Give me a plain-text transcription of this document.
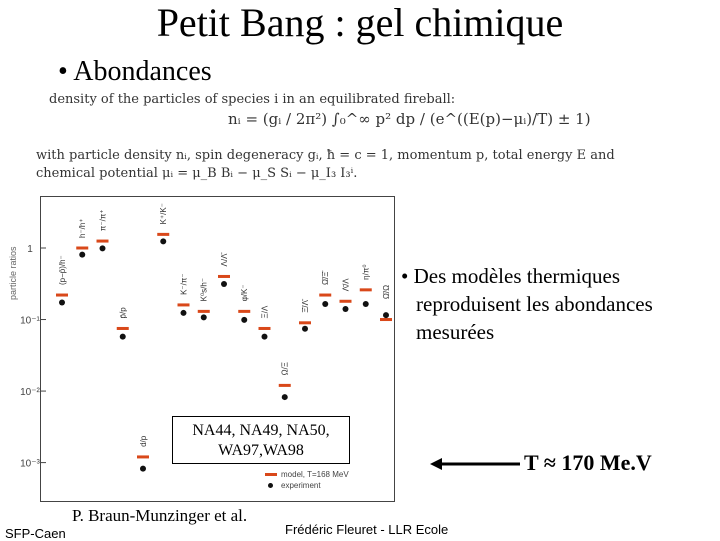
Petit Bang : gel chimique
• Abondances
density of the particles of species i in an equilibrated fireball:
nᵢ = (gᵢ / 2π²) ∫₀^∞ p² dp / (e^((E(p)−μᵢ)/T) ± 1)
with particle density nᵢ, spin degeneracy gᵢ, ħ = c = 1, momentum p, total energy E and
chemical potential μᵢ = μ_B Bᵢ − μ_S Sᵢ − μ_I₃ I₃ⁱ.
particle ratios 1
10⁻¹
10⁻²
10⁻³
(p−p̄)/h⁻
h⁻/h⁺ π⁻/π⁺
p̄/p
d/p
K⁺/K⁻
K⁻/π⁻ K⁰s/h⁻
Λ/Λ̄
φ/K⁻
Ξ/Λ
Ω/Ξ
Ξ̄/Λ̄
Ω̄/Ξ̄ Λ̄/Λ
η/π⁰
Ω̄/Ω
model, T=168 MeV
experiment
• Des modèles thermiques
reproduisent les abondances
mesurées
NA44, NA49, NA50,
WA97,WA98	T ≈ 170 Me.V
P. Braun-Munzinger et al.
SFP-Caen	Frédéric Fleuret - LLR Ecole
